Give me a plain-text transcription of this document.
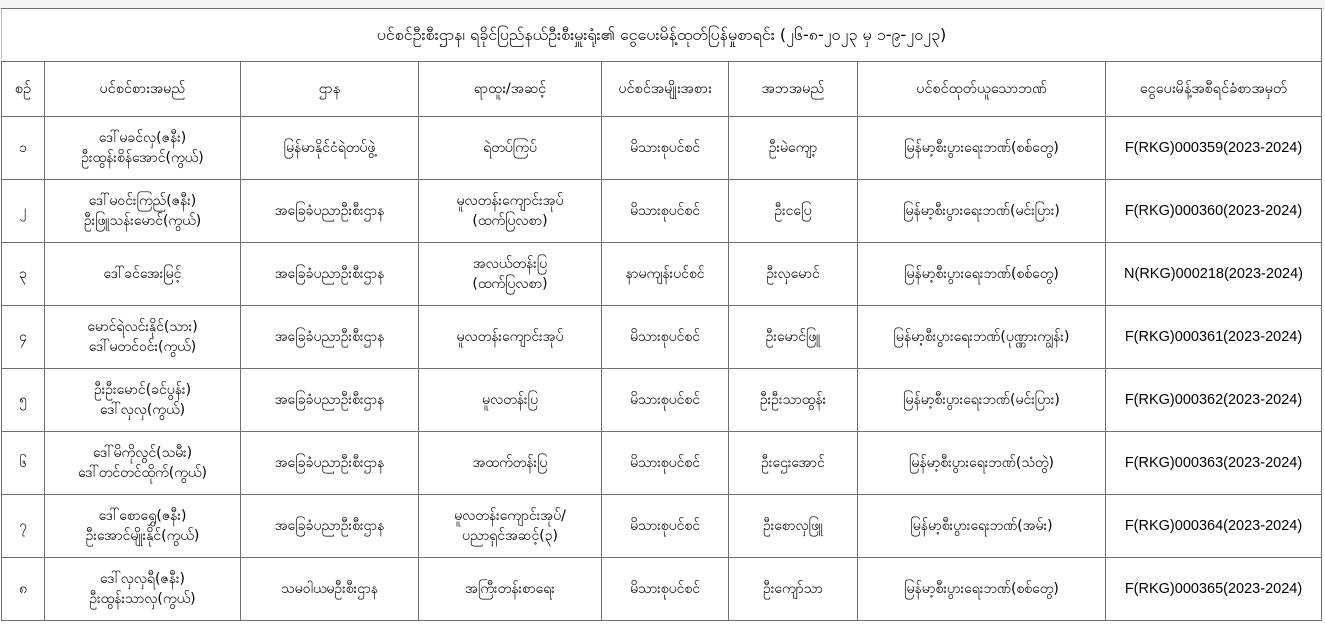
ပင်စင်ဦးစီးဌာန၊ ရခိုင်ပြည်နယ်ဦးစီးမှူးရုံး၏ ငွေပေးမိန့်ထုတ်ပြန်မှုစာရင်း (၂၆-၈-၂၀၂၃ မှ ၁-၉-၂၀၂၃)							
စဉ်	ပင်စင်စားအမည်	ဌာန	ရာထူး/အဆင့်	ပင်စင်အမျိုးအစား	အဘအမည်	ပင်စင်ထုတ်ယူသောဘဏ်	ငွေပေးမိန့်အစီရင်ခံစာအမှတ်
၁	ဒေါ်မခင်လှ(ဇနီး)
ဦးထွန်းစိန်အောင်(ကွယ်)	မြန်မာနိုင်ငံရဲတပ်ဖွဲ့	ရဲတပ်ကြပ်	မိသားစုပင်စင်	ဦးမဲကျော့	မြန်မာ့စီးပွားရေးဘဏ်(စစ်တွေ)	F(RKG)000359(2023-2024)
၂	ဒေါ်မဝင်းကြည်(ဇနီး)
ဦးဖြူသန်းမောင်(ကွယ်)	အခြေခံပညာဦးစီးဌာန	မူလတန်းကျောင်းအုပ်
(ထက်ပြလစာ)	မိသားစုပင်စင်	ဦးငပြေ	မြန်မာ့စီးပွားရေးဘဏ်(မင်းပြား)	F(RKG)000360(2023-2024)
၃	ဒေါ်ခင်အေးမြင့်	အခြေခံပညာဦးစီးဌာန	အလယ်တန်းပြ
(ထက်ပြလစာ)	နာမကျန်းပင်စင်	ဦးလှမောင်	မြန်မာ့စီးပွားရေးဘဏ်(စစ်တွေ)	N(RKG)000218(2023-2024)
၄	မောင်ရဲလင်းနိုင်(သား)
ဒေါ်မတင်ဝင်း(ကွယ်)	အခြေခံပညာဦးစီးဌာန	မူလတန်းကျောင်းအုပ်	မိသားစုပင်စင်	ဦးမောင်ဖြူ	မြန်မာ့စီးပွားရေးဘဏ်(ပုဏ္ဏားကျွန်း)	F(RKG)000361(2023-2024)
၅	ဦးဦးမောင်(ခင်ပွန်း)
ဒေါ်လှလှ(ကွယ်)	အခြေခံပညာဦးစီးဌာန	မူလတန်းပြ	မိသားစုပင်စင်	ဦးဦးသာထွန်း	မြန်မာ့စီးပွားရေးဘဏ်(မင်းပြား)	F(RKG)000362(2023-2024)
၆	ဒေါ်မိကိုလွင်(သမီး)
ဒေါ်တင်တင်ထိုက်(ကွယ်)	အခြေခံပညာဦးစီးဌာန	အထက်တန်းပြ	မိသားစုပင်စင်	ဦးဌေးအောင်	မြန်မာ့စီးပွားရေးဘဏ်(သံတွဲ)	F(RKG)000363(2023-2024)
၇	ဒေါ်စောရွှေ(ဇနီး)
ဦးအောင်မျိုးနိုင်(ကွယ်)	အခြေခံပညာဦးစီးဌာန	မူလတန်းကျောင်းအုပ်/
ပညာရှင်အဆင့်(၃)	မိသားစုပင်စင်	ဦးစောလှဖြူ	မြန်မာ့စီးပွားရေးဘဏ်(အမ်း)	F(RKG)000364(2023-2024)
၈	ဒေါ်လှလှရီ(ဇနီး)
ဦးထွန်းသာလှ(ကွယ်)	သမဝါယမဦးစီးဌာန	အကြီးတန်းစာရေး	မိသားစုပင်စင်	ဦးကျော်သာ	မြန်မာ့စီးပွားရေးဘဏ်(စစ်တွေ)	F(RKG)000365(2023-2024)
